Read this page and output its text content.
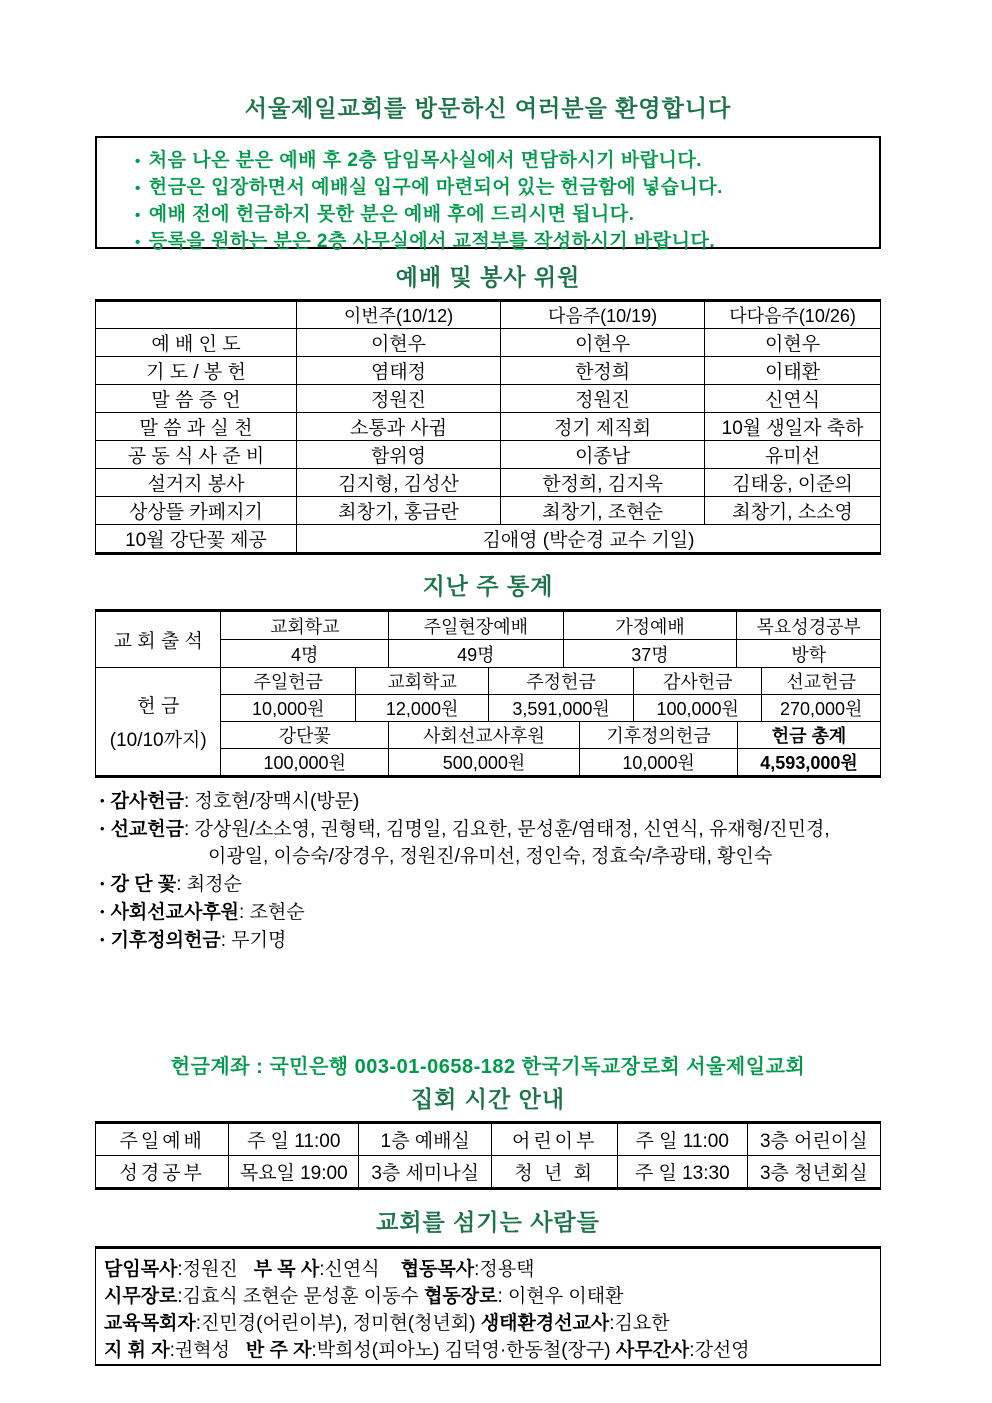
서울제일교회를 방문하신 여러분을 환영합니다
• 처음 나온 분은 예배 후 2층 담임목사실에서 면담하시기 바랍니다.
• 헌금은 입장하면서 예배실 입구에 마련되어 있는 헌금함에 넣습니다.
• 예배 전에 헌금하지 못한 분은 예배 후에 드리시면 됩니다.
• 등록을 원하는 분은 2층 사무실에서 교적부를 작성하시기 바랍니다.
예배 및 봉사 위원
	이번주(10/12)	다음주(10/19)	다다음주(10/26)
예 배 인 도	이현우	이현우	이현우
기 도 / 봉 헌	염태정	한정희	이태환
말 씀 증 언	정원진	정원진	신연식
말 씀 과 실 천	소통과 사귐	정기 제직회	10월 생일자 축하
공 동 식 사 준 비	함위영	이종남	유미선
설거지 봉사	김지형, 김성산	한정희, 김지욱	김태웅, 이준의
상상뜰 카페지기	최창기, 홍금란	최창기, 조현순	최창기, 소소영
10월 강단꽃 제공	김애영 (박순경 교수 기일)		
지난 주 통계
교 회 출 석
교회학교	주일현장예배	가정예배	목요성경공부
4명	49명	37명	방학
헌 금
(10/10까지)
주일헌금	교회학교	주정헌금	감사헌금	선교헌금
10,000원	12,000원	3,591,000원	100,000원	270,000원
강단꽃	사회선교사후원	기후정의헌금	헌금 총계
100,000원	500,000원	10,000원	4,593,000원
• 감사헌금: 정호현/장맥시(방문)
• 선교헌금: 강상원/소소영, 권형택, 김명일, 김요한, 문성훈/염태정, 신연식, 유재형/진민경,
이광일, 이승숙/장경우, 정원진/유미선, 정인숙, 정효숙/추광태, 황인숙
• 강 단 꽃: 최정순
• 사회선교사후원: 조현순
• 기후정의헌금: 무기명
헌금계좌 : 국민은행 003-01-0658-182 한국기독교장로회 서울제일교회
집회 시간 안내
주일예배	주 일 11:00	1층 예배실	어린이부	주 일 11:00	3층 어린이실
성경공부	목요일 19:00	3층 세미나실	청 년 회	주 일 13:30	3층 청년회실
교회를 섬기는 사람들
담임목사:정원진   부 목 사:신연식    협동목사:정용택
시무장로:김효식 조현순 문성훈 이동수 협동장로: 이현우 이태환
교육목회자:진민경(어린이부), 정미현(청년회) 생태환경선교사:김요한
지 휘 자:권혁성   반 주 자:박희성(피아노) 김덕영·한동철(장구) 사무간사:강선영
